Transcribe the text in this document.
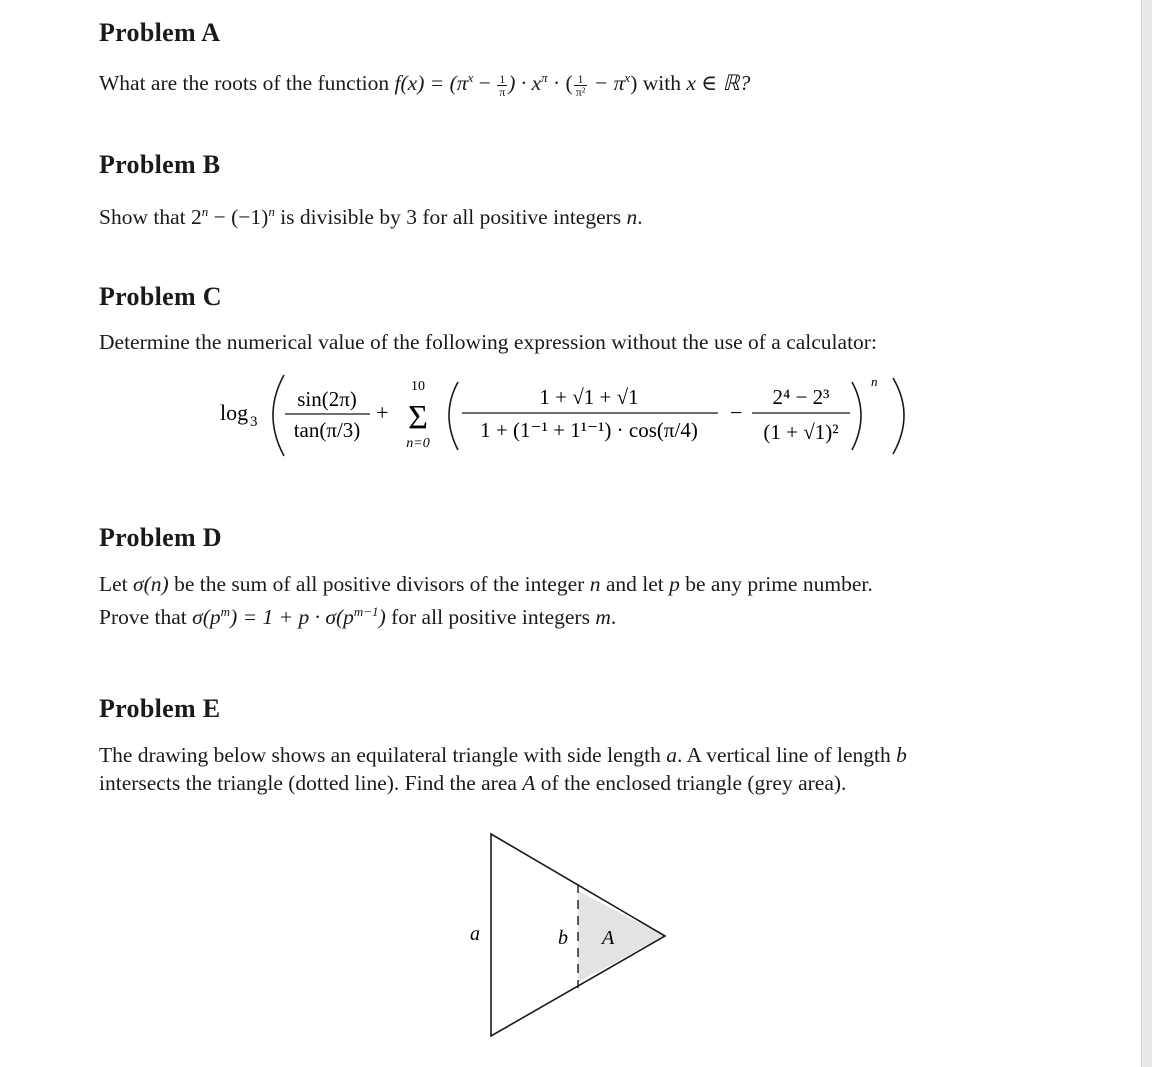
Problem A
What are the roots of the function $f(x) = (\pi^x - \frac{1}{\pi}$ ) · $x^\pi$ · ( $\frac{1}{\text{π²}} - \pi^x$) with x ∈ ℝ?
Problem B
Show that $2^n - (-1)^n$ is divisible by 3 for all positive integers n.
Problem C
Determine the numerical value of the following expression without the use of a calculator:
log 3
sin(2π)
tan(π/3)
+
10
Σ
n=0
1 + √1 + √1
1 + (1⁻¹ + 1¹⁻¹) · cos(π/4)
−
2⁴ − 2³
(1 + √1)²
n
Problem D
Let σ(n) be the sum of all positive divisors of the integer n and let p be any prime number.
Prove that $\sigma(p^m) = 1 + p \cdot \sigma(p^{m-1})$ for all positive integers m.
Problem E
The drawing below shows an equilateral triangle with side length a. A vertical line of length b
intersects the triangle (dotted line). Find the area A of the enclosed triangle (grey area).
a	b A
